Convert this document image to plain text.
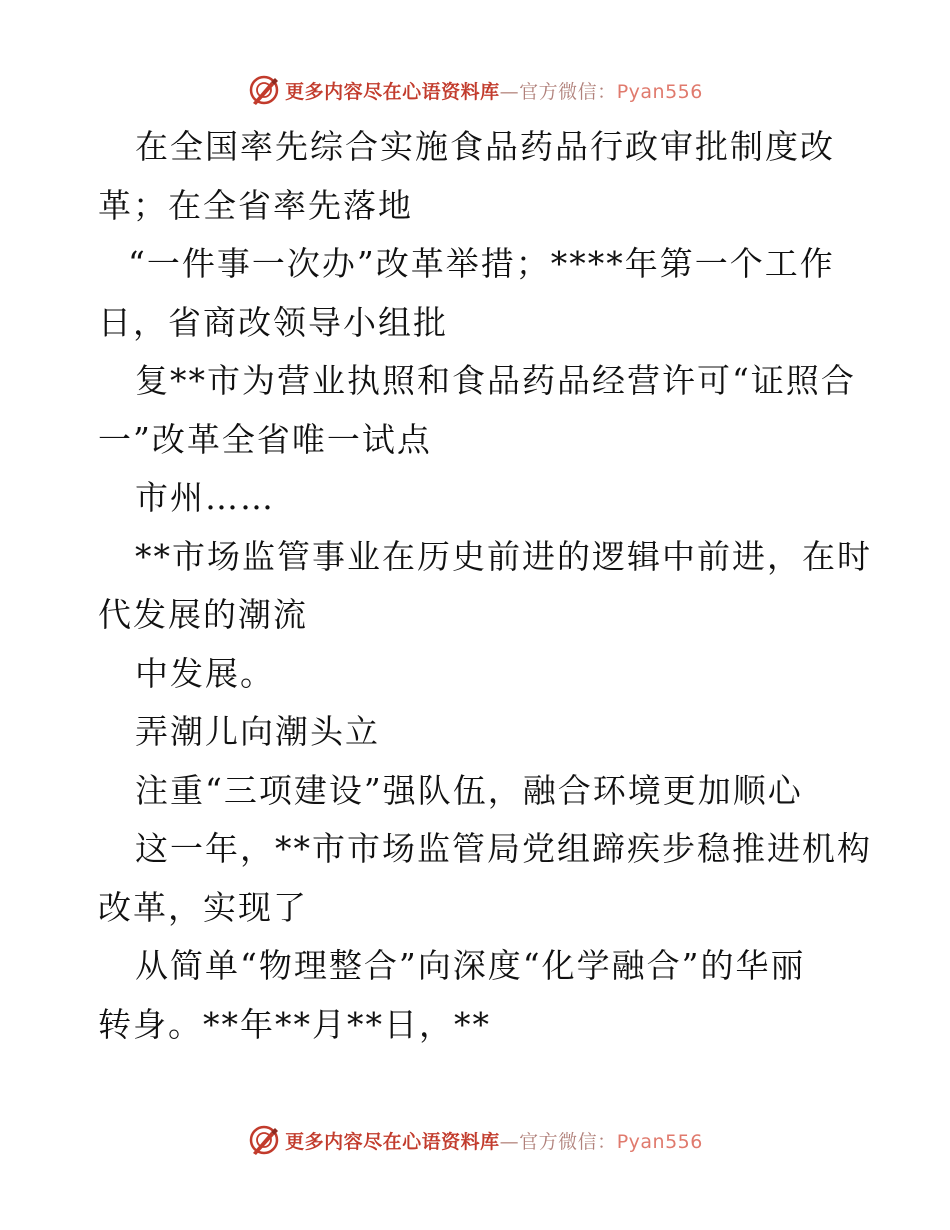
更多内容尽在心语资料库—官方微信：Pyan556
在全国率先综合实施食品药品行政审批制度改
革；在全省率先落地
“一件事一次办”改革举措；****年第一个工作
日，省商改领导小组批
复**市为营业执照和食品药品经营许可“证照合
一”改革全省唯一试点
市州……
**市场监管事业在历史前进的逻辑中前进，在时
代发展的潮流
中发展。
弄潮儿向潮头立
注重“三项建设”强队伍，融合环境更加顺心
这一年，**市市场监管局党组蹄疾步稳推进机构
改革，实现了
从简单“物理整合”向深度“化学融合”的华丽
转身。**年**月**日，**
更多内容尽在心语资料库—官方微信：Pyan556
